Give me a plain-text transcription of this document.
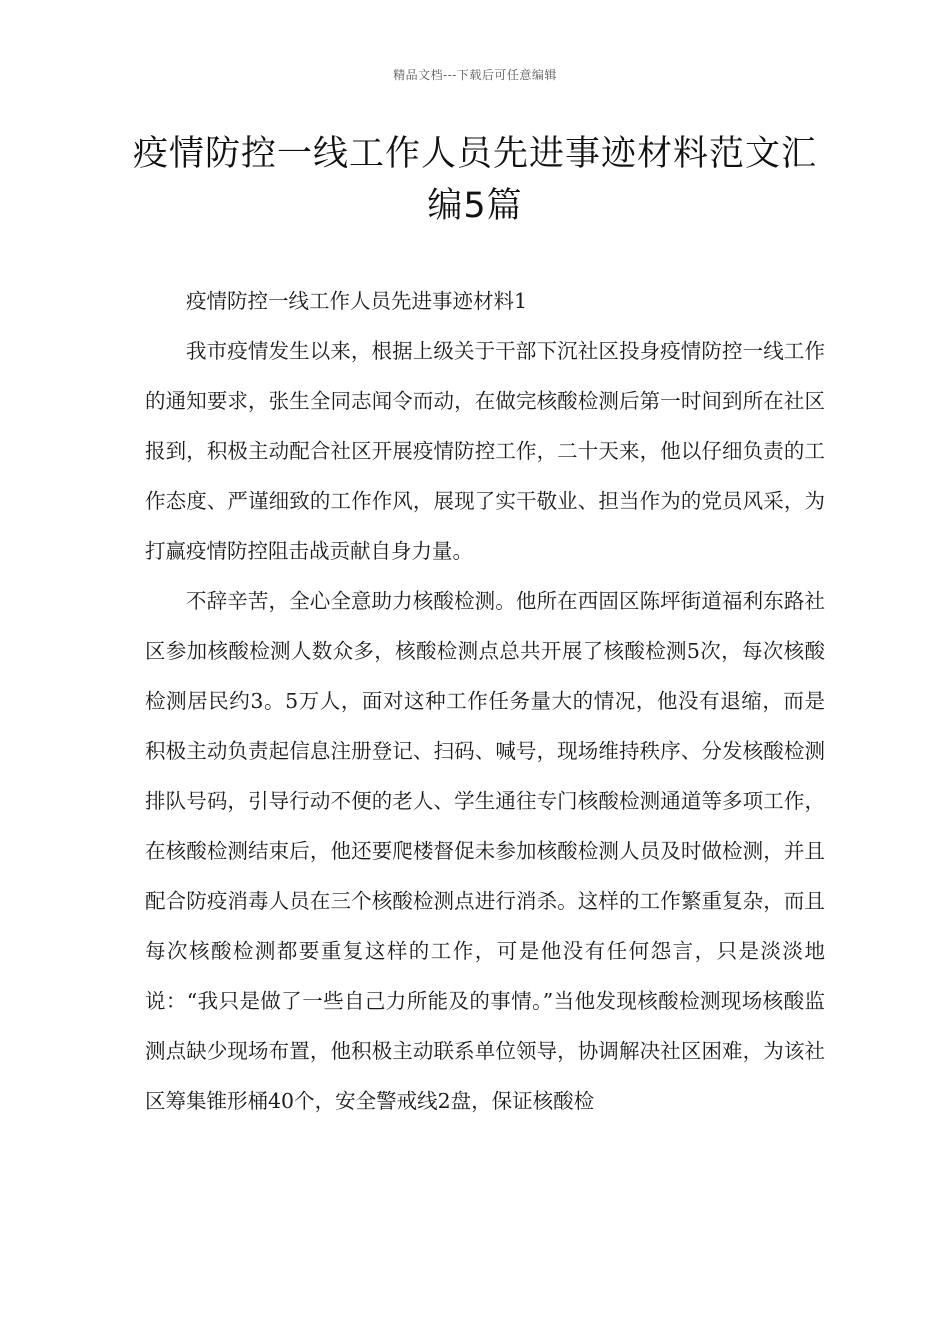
精品文档---下载后可任意编辑
疫情防控一线工作人员先进事迹材料范文汇编5篇

疫情防控一线工作人员先进事迹材料1

我市疫情发生以来，根据上级关于干部下沉社区投身疫情防控一线工作的通知要求，张生全同志闻令而动，在做完核酸检测后第一时间到所在社区报到，积极主动配合社区开展疫情防控工作，二十天来，他以仔细负责的工作态度、严谨细致的工作作风，展现了实干敬业、担当作为的党员风采，为打赢疫情防控阻击战贡献自身力量。

不辞辛苦，全心全意助力核酸检测。他所在西固区陈坪街道福利东路社区参加核酸检测人数众多，核酸检测点总共开展了核酸检测5次，每次核酸检测居民约3。5万人，面对这种工作任务量大的情况，他没有退缩，而是积极主动负责起信息注册登记、扫码、喊号，现场维持秩序、分发核酸检测排队号码，引导行动不便的老人、学生通往专门核酸检测通道等多项工作，在核酸检测结束后，他还要爬楼督促未参加核酸检测人员及时做检测，并且配合防疫消毒人员在三个核酸检测点进行消杀。这样的工作繁重复杂，而且每次核酸检测都要重复这样的工作，可是他没有任何怨言，只是淡淡地说：“我只是做了一些自己力所能及的事情。”当他发现核酸检测现场核酸监测点缺少现场布置，他积极主动联系单位领导，协调解决社区困难，为该社区筹集锥形桶40个，安全警戒线2盘，保证核酸检
